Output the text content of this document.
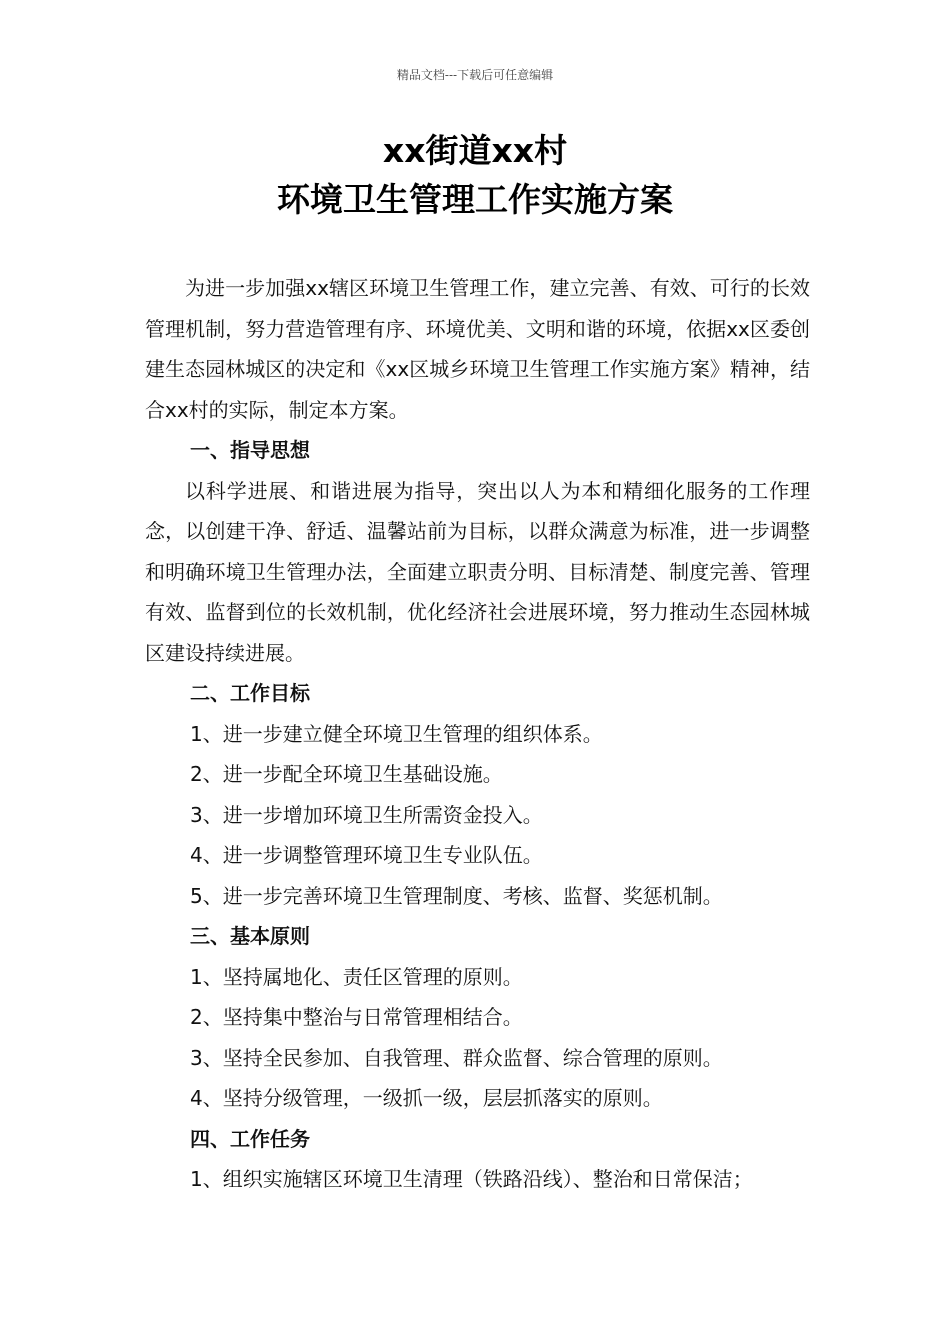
精品文档---下载后可任意编辑
xx街道xx村
环境卫生管理工作实施方案

为进一步加强xx辖区环境卫生管理工作，建立完善、有效、可行的长效管理机制，努力营造管理有序、环境优美、文明和谐的环境，依据xx区委创建生态园林城区的决定和《xx区城乡环境卫生管理工作实施方案》精神，结合xx村的实际，制定本方案。

一、指导思想

以科学进展、和谐进展为指导，突出以人为本和精细化服务的工作理念，以创建干净、舒适、温馨站前为目标，以群众满意为标准，进一步调整和明确环境卫生管理办法，全面建立职责分明、目标清楚、制度完善、管理有效、监督到位的长效机制，优化经济社会进展环境，努力推动生态园林城区建设持续进展。

二、工作目标

1、进一步建立健全环境卫生管理的组织体系。

2、进一步配全环境卫生基础设施。

3、进一步增加环境卫生所需资金投入。

4、进一步调整管理环境卫生专业队伍。

5、进一步完善环境卫生管理制度、考核、监督、奖惩机制。

三、基本原则

1、坚持属地化、责任区管理的原则。

2、坚持集中整治与日常管理相结合。

3、坚持全民参加、自我管理、群众监督、综合管理的原则。

4、坚持分级管理，一级抓一级，层层抓落实的原则。

四、工作任务

1、组织实施辖区环境卫生清理（铁路沿线）、整治和日常保洁；
